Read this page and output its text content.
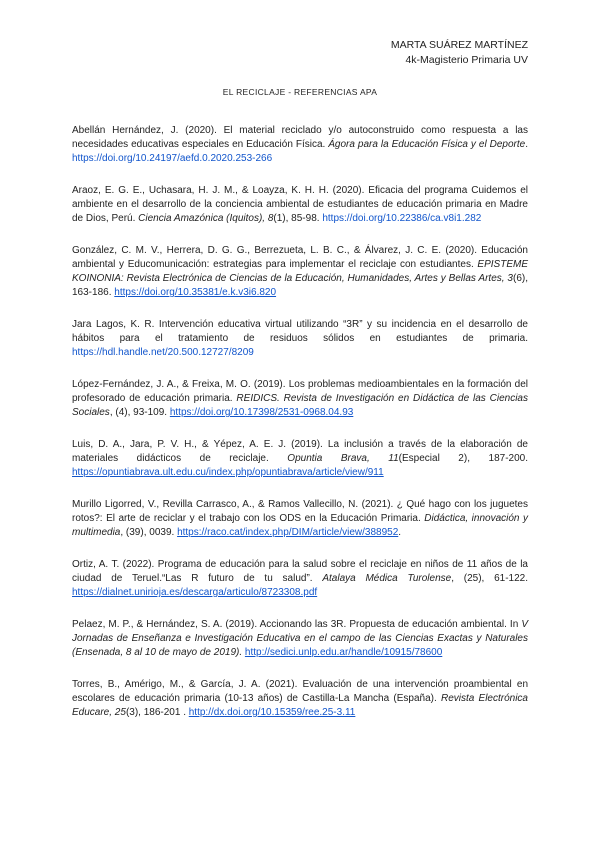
MARTA SUÁREZ MARTÍNEZ
4k-Magisterio Primaria UV
EL RECICLAJE - REFERENCIAS APA

Abellán Hernández, J. (2020). El material reciclado y/o autoconstruido como respuesta a las necesidades educativas especiales en Educación Física. Ágora para la Educación Física y el Deporte. https://doi.org/10.24197/aefd.0.2020.253-266

Araoz, E. G. E., Uchasara, H. J. M., & Loayza, K. H. H. (2020). Eficacia del programa Cuidemos el ambiente en el desarrollo de la conciencia ambiental de estudiantes de educación primaria en Madre de Dios, Perú. Ciencia Amazónica (Iquitos), 8(1), 85-98. https://doi.org/10.22386/ca.v8i1.282

González, C. M. V., Herrera, D. G. G., Berrezueta, L. B. C., & Álvarez, J. C. E. (2020). Educación ambiental y Educomunicación: estrategias para implementar el reciclaje con estudiantes. EPISTEME KOINONIA: Revista Electrónica de Ciencias de la Educación, Humanidades, Artes y Bellas Artes, 3(6), 163-186. https://doi.org/10.35381/e.k.v3i6.820

Jara Lagos, K. R. Intervención educativa virtual utilizando “3R” y su incidencia en el desarrollo de hábitos para el tratamiento de residuos sólidos en estudiantes de primaria. https://hdl.handle.net/20.500.12727/8209

López-Fernández, J. A., & Freixa, M. O. (2019). Los problemas medioambientales en la formación del profesorado de educación primaria. REIDICS. Revista de Investigación en Didáctica de las Ciencias Sociales, (4), 93-109. https://doi.org/10.17398/2531-0968.04.93

Luis, D. A., Jara, P. V. H., & Yépez, A. E. J. (2019). La inclusión a través de la elaboración de materiales didácticos de reciclaje. Opuntia Brava, 11(Especial 2), 187-200. https://opuntiabrava.ult.edu.cu/index.php/opuntiabrava/article/view/911

Murillo Ligorred, V., Revilla Carrasco, A., & Ramos Vallecillo, N. (2021). ¿ Qué hago con los juguetes rotos?: El arte de reciclar y el trabajo con los ODS en la Educación Primaria. Didáctica, innovación y multimedia, (39), 0039. https://raco.cat/index.php/DIM/article/view/388952.

Ortiz, A. T. (2022). Programa de educación para la salud sobre el reciclaje en niños de 11 años de la ciudad de Teruel.“Las R futuro de tu salud”. Atalaya Médica Turolense, (25), 61-122. https://dialnet.unirioja.es/descarga/articulo/8723308.pdf

Pelaez, M. P., & Hernández, S. A. (2019). Accionando las 3R. Propuesta de educación ambiental. In V Jornadas de Enseñanza e Investigación Educativa en el campo de las Ciencias Exactas y Naturales (Ensenada, 8 al 10 de mayo de 2019). http://sedici.unlp.edu.ar/handle/10915/78600

Torres, B., Amérigo, M., & García, J. A. (2021). Evaluación de una intervención proambiental en escolares de educación primaria (10-13 años) de Castilla-La Mancha (España). Revista Electrónica Educare, 25(3), 186-201 . http://dx.doi.org/10.15359/ree.25-3.11
